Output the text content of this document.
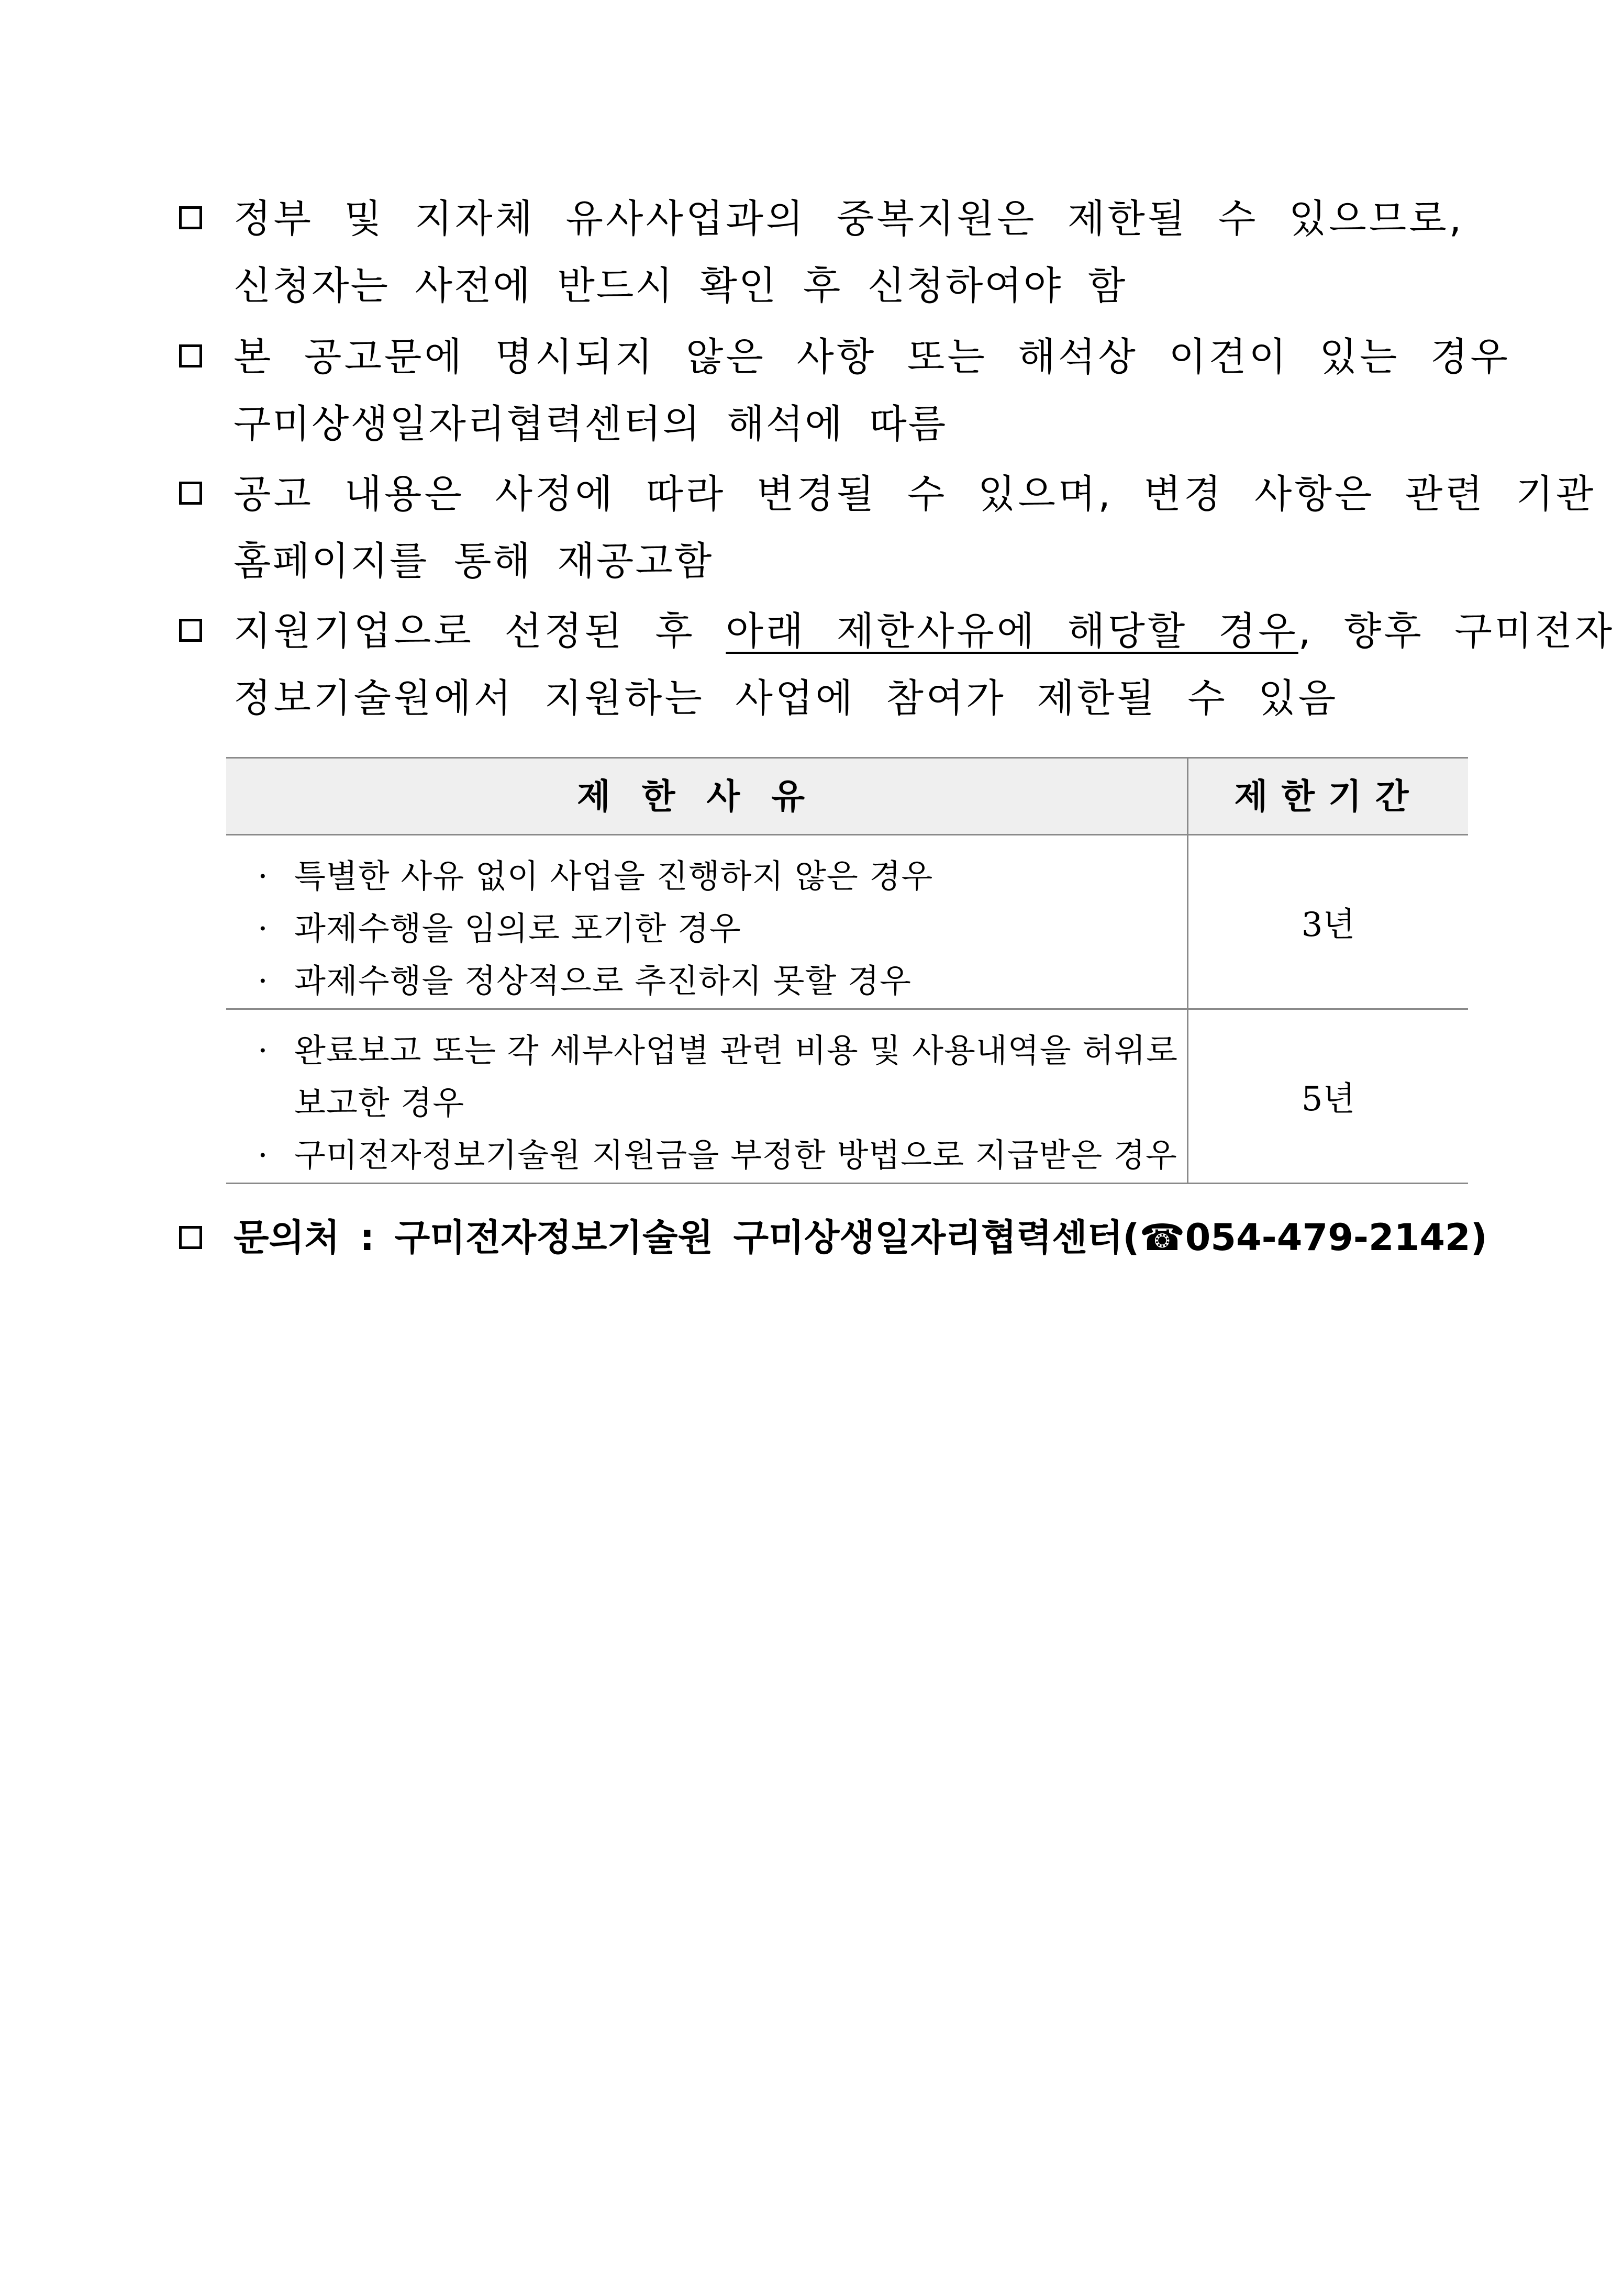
정부 및 지자체 유사사업과의 중복지원은 제한될 수 있으므로,
신청자는 사전에 반드시 확인 후 신청하여야 함
본 공고문에 명시되지 않은 사항 또는 해석상 이견이 있는 경우
구미상생일자리협력센터의 해석에 따름
공고 내용은 사정에 따라 변경될 수 있으며, 변경 사항은 관련 기관
홈페이지를 통해 재공고함
지원기업으로 선정된 후 아래 제한사유에 해당할 경우, 향후 구미전자
정보기술원에서 지원하는 사업에 참여가 제한될 수 있음
제한사유	제한기간
· 특별한 사유 없이 사업을 진행하지 않은 경우
· 과제수행을 임의로 포기한 경우
· 과제수행을 정상적으로 추진하지 못할 경우
3년
· 완료보고 또는 각 세부사업별 관련 비용 및 사용내역을 허위로
보고한 경우
· 구미전자정보기술원 지원금을 부정한 방법으로 지급받은 경우
5년
문의처 : 구미전자정보기술원 구미상생일자리협력센터(☎054-479-2142)
